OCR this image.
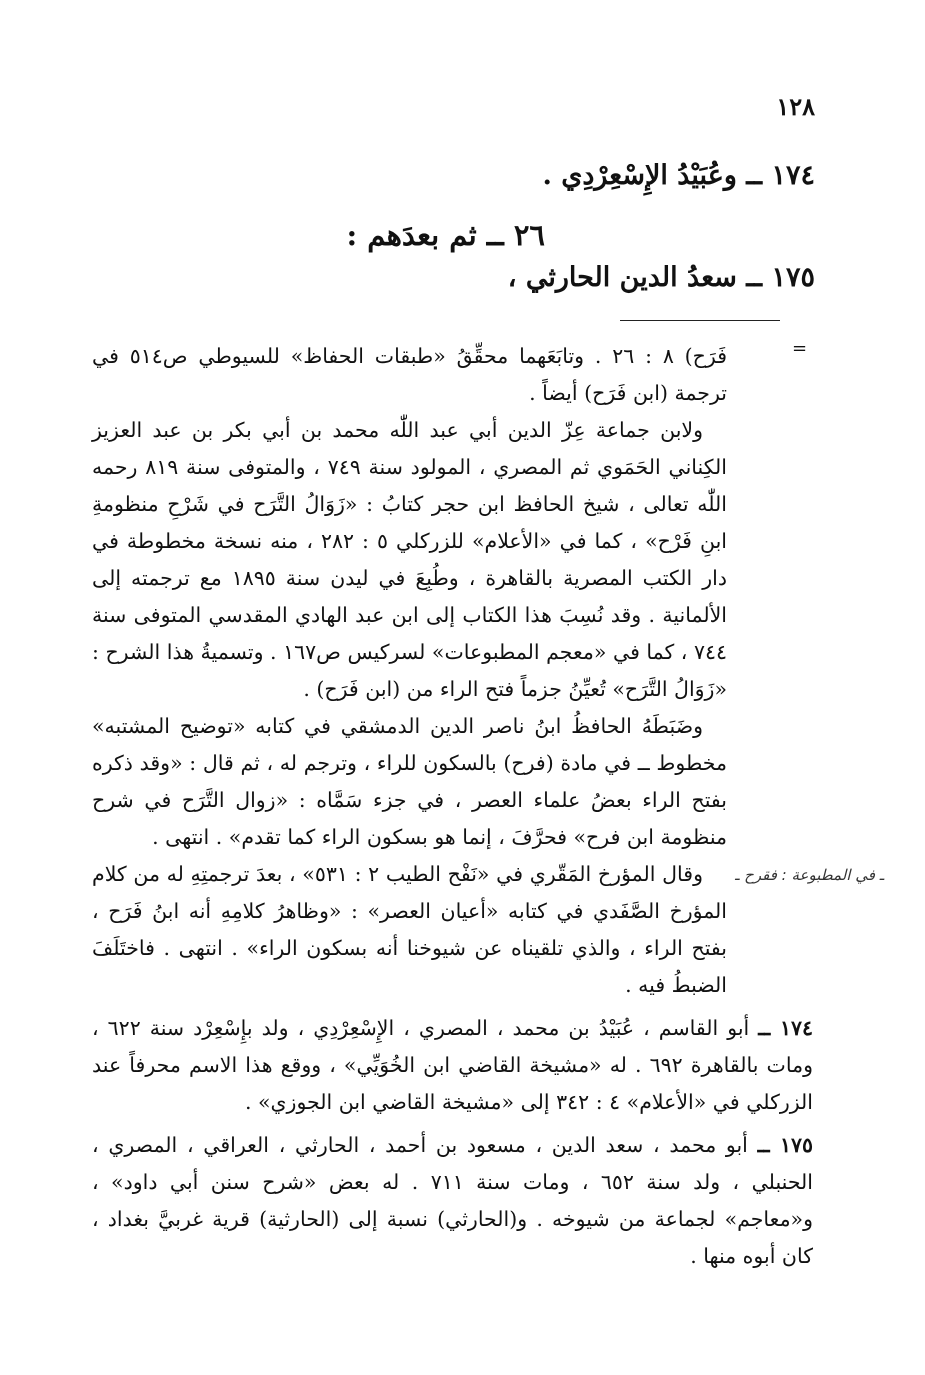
١٢٨
١٧٤ ــ وعُبَيْدُ الإِسْعِرْدِي .
٢٦ ــ ثم بعدَهم :
١٧٥ ــ سعدُ الدين الحارثي ،
=

فَرَح) ٨ : ٢٦ . وتابَعَهما محقِّقُ «طبقات الحفاظ» للسيوطي ص٥١٤ في ترجمة (ابن فَرَح) أيضاً .

ولابن جماعة عِزّ الدين أبي عبد اللّٰه محمد بن أبي بكر بن عبد العزيز الكِناني الحَمَوي ثم المصري ، المولود سنة ٧٤٩ ، والمتوفى سنة ٨١٩ رحمه اللّٰه تعالى ، شيخ الحافظ ابن حجر كتابُ : «زَوَالُ التَّرَح في شَرْحِ منظومةِ ابنِ فَرْح» ، كما في «الأعلام» للزركلي ٥ : ٢٨٢ ، منه نسخة مخطوطة في دار الكتب المصرية بالقاهرة ، وطُبِعَ في ليدن سنة ١٨٩٥ مع ترجمته إلى الألمانية . وقد نُسِبَ هذا الكتاب إلى ابن عبد الهادي المقدسي المتوفى سنة ٧٤٤ ، كما في «معجم المطبوعات» لسركيس ص١٦٧ . وتسميةُ هذا الشرح : «زَوَالُ التَّرَح» تُعيِّنُ جزماً فتح الراء من (ابن فَرَح) .

وضَبَطَهُ الحافظُ ابنُ ناصر الدين الدمشقي في كتابه «توضيح المشتبه» مخطوط ــ في مادة (فرح) بالسكون للراء ، وترجم له ، ثم قال : «وقد ذكره بفتح الراء بعضُ علماء العصر ، في جزء سَمَّاه : «زوال التَّرَح في شرح منظومة ابن فرح» فحرَّفَ ، إنما هو بسكون الراء كما تقدم» . انتهى .

وقال المؤرخ المَقّري في «نَفْح الطيب ٢ : ٥٣١» ، بعدَ ترجمتِهِ له من كلام المؤرخ الصَّفَدي في كتابه «أعيان العصر» : «وظاهرُ كلامِهِ أنه ابنُ فَرَح ، بفتح الراء ، والذي تلقيناه عن شيوخنا أنه بسكون الراء» . انتهى . فاختَلَفَ الضبطُ فيه .

١٧٤ ــ أبو القاسم ، عُبَيْدُ بن محمد ، المصري ، الإِسْعِرْدِي ، ولد بإِسْعِرْد سنة ٦٢٢ ، ومات بالقاهرة ٦٩٢ . له «مشيخة القاضي ابن الخُوَيِّي» ، ووقع هذا الاسم محرفاً عند الزركلي في «الأعلام» ٤ : ٣٤٢ إلى «مشيخة القاضي ابن الجوزي» .
١٧٥ ــ أبو محمد ، سعد الدين ، مسعود بن أحمد ، الحارثي ، العراقي ، المصري ، الحنبلي ، ولد سنة ٦٥٢ ، ومات سنة ٧١١ . له بعض «شرح سنن أبي داود» ، و«معاجم» لجماعة من شيوخه . و(الحارثي) نسبة إلى (الحارثية) قرية غربيَّ بغداد ، كان أبوه منها .
ـ في المطبوعة : فقرح ـ
